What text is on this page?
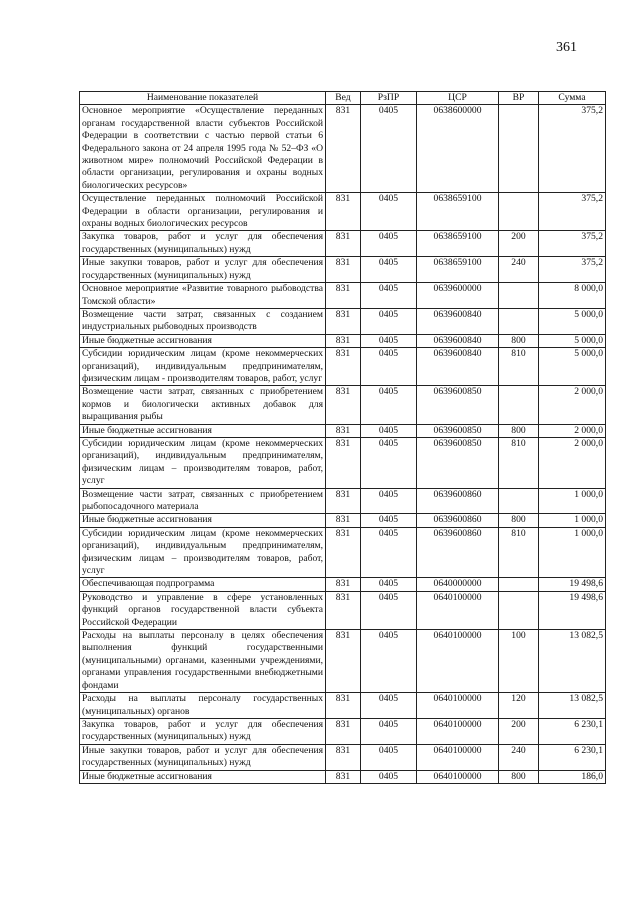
361
Наименование показателей	Вед	РзПР	ЦСР	ВР	Сумма
Основное мероприятие «Осуществление переданных органам государственной власти субъектов Российской Федерации в соответствии с частью первой статьи 6 Федерального закона от 24 апреля 1995 года № 52–ФЗ «О животном мире» полномочий Российской Федерации в области организации, регулирования и охраны водных биологических ресурсов»	831	0405	0638600000		375,2
Осуществление переданных полномочий Российской Федерации в области организации, регулирования и охраны водных биологических ресурсов	831	0405	0638659100		375,2
Закупка товаров, работ и услуг для обеспечения государственных (муниципальных) нужд	831	0405	0638659100	200	375,2
Иные закупки товаров, работ и услуг для обеспечения государственных (муниципальных) нужд	831	0405	0638659100	240	375,2
Основное мероприятие «Развитие товарного рыбоводства Томской области»	831	0405	0639600000		8 000,0
Возмещение части затрат, связанных с созданием индустриальных рыбоводных производств	831	0405	0639600840		5 000,0
Иные бюджетные ассигнования	831	0405	0639600840	800	5 000,0
Субсидии юридическим лицам (кроме некоммерческих организаций), индивидуальным предпринимателям, физическим лицам - производителям товаров, работ, услуг	831	0405	0639600840	810	5 000,0
Возмещение части затрат, связанных с приобретением кормов и биологически активных добавок для выращивания рыбы	831	0405	0639600850		2 000,0
Иные бюджетные ассигнования	831	0405	0639600850	800	2 000,0
Субсидии юридическим лицам (кроме некоммерческих организаций), индивидуальным предпринимателям, физическим лицам – производителям товаров, работ, услуг	831	0405	0639600850	810	2 000,0
Возмещение части затрат, связанных с приобретением рыбопосадочного материала	831	0405	0639600860		1 000,0
Иные бюджетные ассигнования	831	0405	0639600860	800	1 000,0
Субсидии юридическим лицам (кроме некоммерческих организаций), индивидуальным предпринимателям, физическим лицам – производителям товаров, работ, услуг	831	0405	0639600860	810	1 000,0
Обеспечивающая подпрограмма	831	0405	0640000000		19 498,6
Руководство и управление в сфере установленных функций органов государственной власти субъекта Российской Федерации	831	0405	0640100000		19 498,6
Расходы на выплаты персоналу в целях обеспечения выполнения функций государственными (муниципальными) органами, казенными учреждениями, органами управления государственными внебюджетными фондами	831	0405	0640100000	100	13 082,5
Расходы на выплаты персоналу государственных (муниципальных) органов	831	0405	0640100000	120	13 082,5
Закупка товаров, работ и услуг для обеспечения государственных (муниципальных) нужд	831	0405	0640100000	200	6 230,1
Иные закупки товаров, работ и услуг для обеспечения государственных (муниципальных) нужд	831	0405	0640100000	240	6 230,1
Иные бюджетные ассигнования	831	0405	0640100000	800	186,0
